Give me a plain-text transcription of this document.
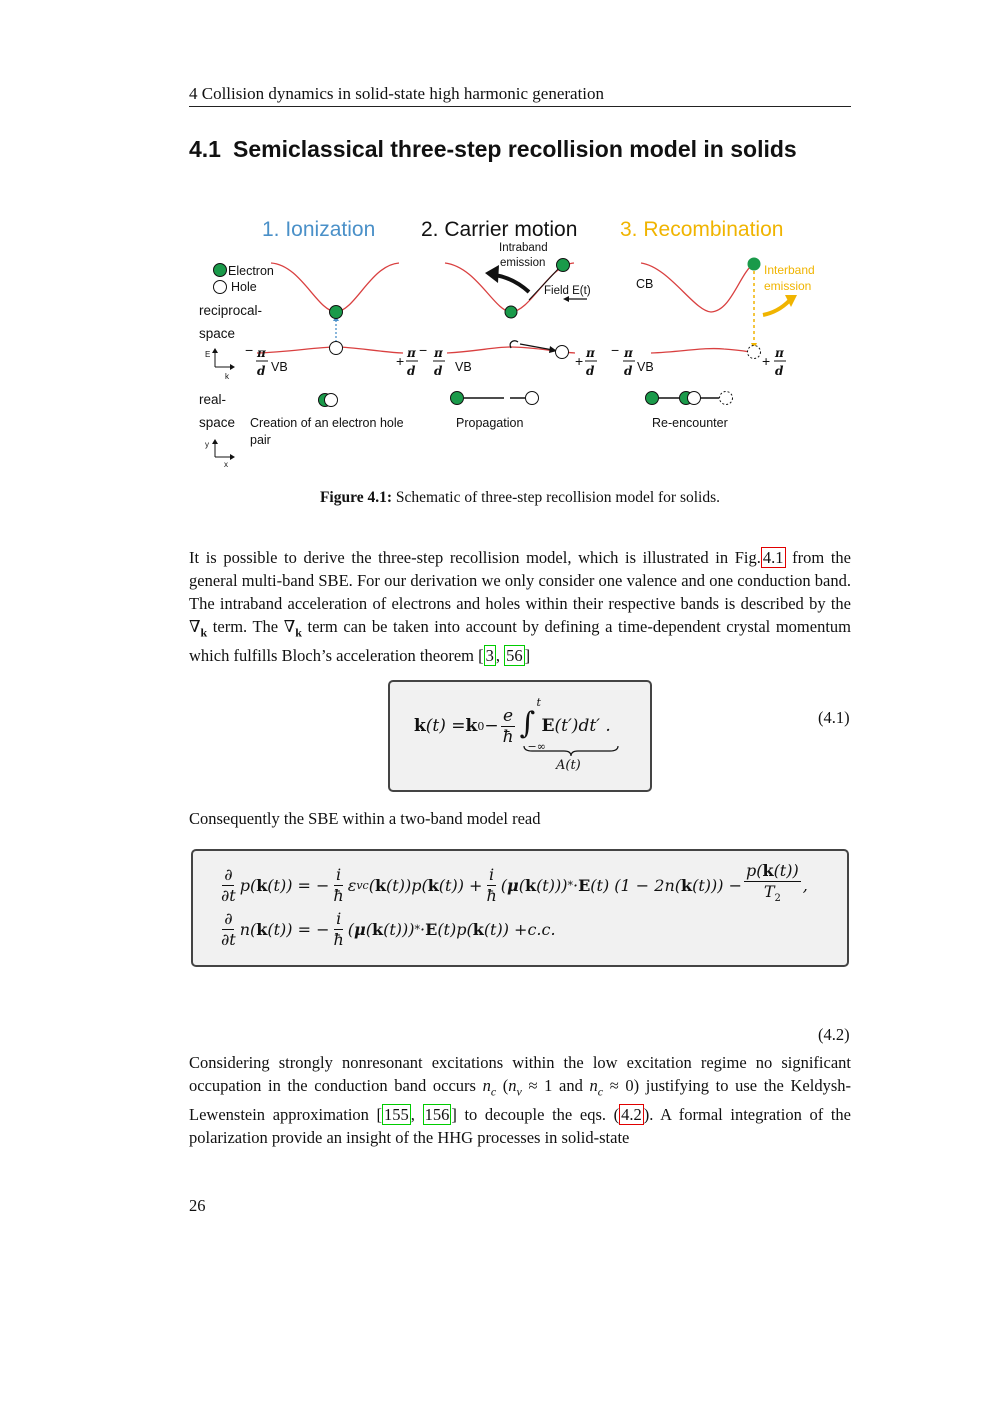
4 Collision dynamics in solid-state high harmonic generation
4.1 Semiclassical three-step recollision model in solids
1. Ionization 2. Carrier motion 3. Recombination
Electron
Hole
reciprocal-
space
E
k
− π
d VB	+ π
d
− π
d VB
Intraband
emission
Field E(t)
+ π
d
CB
Interband
emission
− π
d VB	+ π
d
real-
space
y
x
Creation of an electron hole
pair
Propagation	Re-encounter
Figure 4.1: Schematic of three-step recollision model for solids.
It is possible to derive the three-step recollision model, which is illustrated in Fig. 4.1 from the general multi-band SBE. For our derivation we only consider one valence and one conduction band. The intraband acceleration of electrons and holes within their respective bands is described by the $\nabla_k$ term. The $\nabla_k$ term can be taken into account by defining a time-dependent crystal momentum which fulfills Bloch’s acceleration theorem [ 3 , 56 ]
k (t) = k $0 - \frac{e}{ħ}$ ∫
t
−∞
E (t′)dt′ .
A(t)
(4.1)
Consequently the SBE within a two-band model read
$\frac{\partial}{\partial t} p$( k (t)) = − $\frac{i}{ħ}$ ε vc ( k (t))p( k $(t)) + \frac{i}{ħ}$ ( μ ( k (t))) * · E (t) (1 − 2n( k $(t))) - \frac{p(k(t))}{T_2}$ ,
$\frac{\partial}{\partial t} n$( k (t)) = − $\frac{i}{ħ}$ ( μ ( k (t))) * · E (t)p( k (t)) + c.c.
(4.2)
Considering strongly nonresonant excitations within the low excitation regime no significant occupation in the conduction band occurs $n_c$ ($n_v \approx 1$ and $n_c \approx 0$) justifying to use the Keldysh-Lewenstein approximation [ 155 , 156 ] to decouple the eqs. ( 4.2 ). A formal integration of the polarization provide an insight of the HHG processes in solid-state
26
